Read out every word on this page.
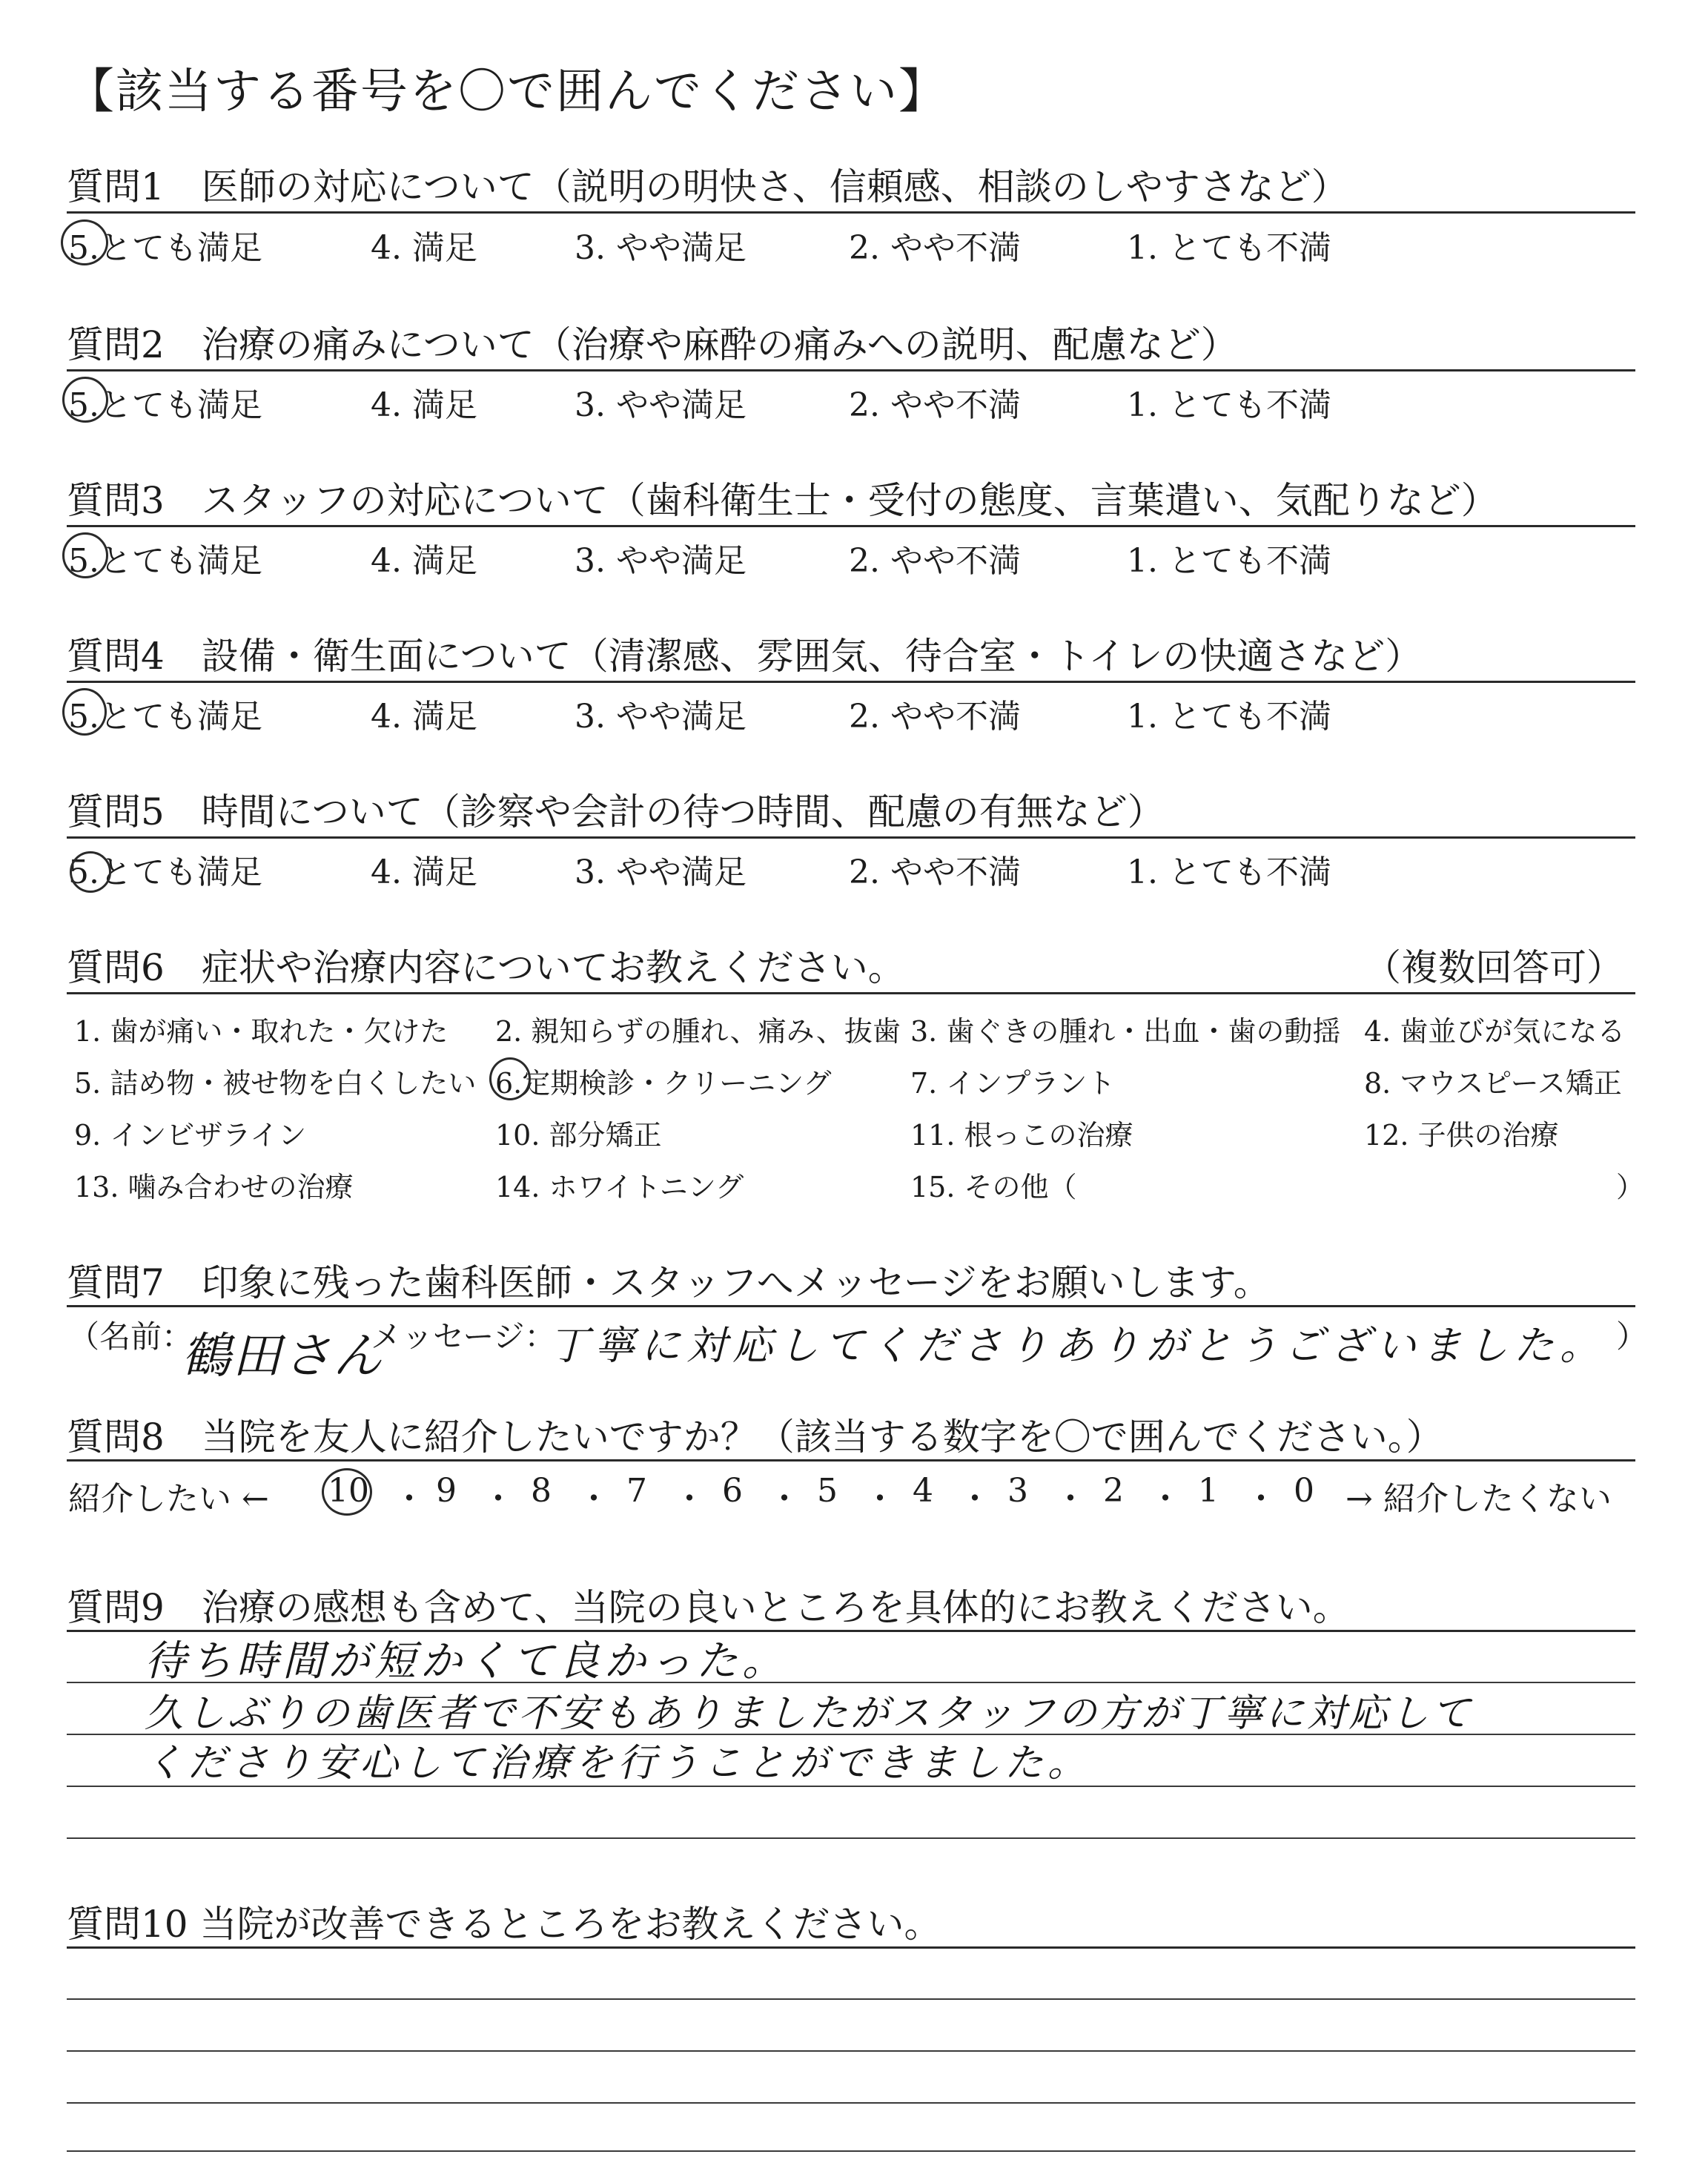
【該当する番号を〇で囲んでください】
質問1　医師の対応について（説明の明快さ、信頼感、相談のしやすさなど）
5.とても満足	4. 満足	3. やや満足	2. やや不満	1. とても不満
質問2　治療の痛みについて（治療や麻酔の痛みへの説明、配慮など）
5.とても満足	4. 満足	3. やや満足	2. やや不満	1. とても不満
質問3　スタッフの対応について（歯科衛生士・受付の態度、言葉遣い、気配りなど）
5.とても満足	4. 満足	3. やや満足	2. やや不満	1. とても不満
質問4　設備・衛生面について（清潔感、雰囲気、待合室・トイレの快適さなど）
5.とても満足	4. 満足	3. やや満足	2. やや不満	1. とても不満
質問5　時間について（診察や会計の待つ時間、配慮の有無など）
5.とても満足	4. 満足	3. やや満足	2. やや不満	1. とても不満
質問6　症状や治療内容についてお教えください。	（複数回答可）
1. 歯が痛い・取れた・欠けた 2. 親知らずの腫れ、痛み、抜歯 3. 歯ぐきの腫れ・出血・歯の動揺 4. 歯並びが気になる
5. 詰め物・被せ物を白くしたい 6.定期検診・クリーニング	7. インプラント	8. マウスピース矯正
9. インビザライン	10. 部分矯正	11. 根っこの治療	12. 子供の治療
13. 噛み合わせの治療	14. ホワイトニング	15. その他（	）
質問7　印象に残った歯科医師・スタッフへメッセージをお願いします。
（名前：
鶴田さん
メッセージ：
丁寧に対応してくださりありがとうございました。 ）
質問8　当院を友人に紹介したいですか？（該当する数字を〇で囲んでください。）
紹介したい ←	→ 紹介したくない
10 9 8 7 6 5 4 3 2 1 0
・ ・ ・ ・ ・ ・ ・ ・ ・ ・
質問9　治療の感想も含めて、当院の良いところを具体的にお教えください。
待ち時間が短かくて良かった。
久しぶりの歯医者で不安もありましたがスタッフの方が丁寧に対応して
くださり安心して治療を行うことができました。
質問10 当院が改善できるところをお教えください。
